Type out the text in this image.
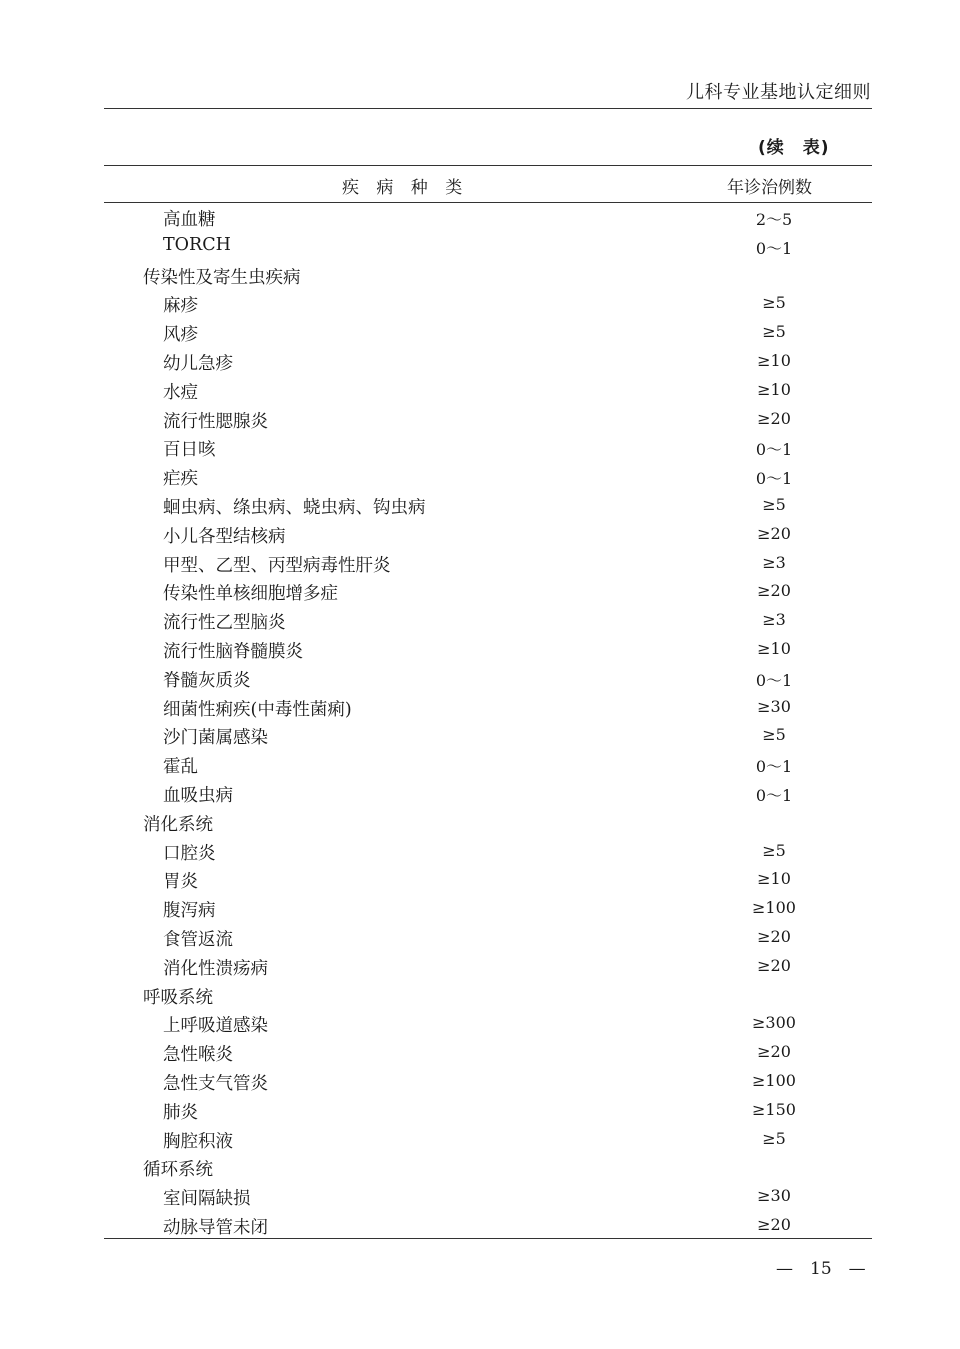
儿科专业基地认定细则
(续　表)
疾 病 种 类	年诊治例数
高血糖	2～5
TORCH	0～1
传染性及寄生虫疾病
麻疹	≥5
风疹	≥5
幼儿急疹	≥10
水痘	≥10
流行性腮腺炎	≥20
百日咳	0～1
疟疾	0～1
蛔虫病、绦虫病、蛲虫病、钩虫病	≥5
小儿各型结核病	≥20
甲型、乙型、丙型病毒性肝炎	≥3
传染性单核细胞增多症	≥20
流行性乙型脑炎	≥3
流行性脑脊髓膜炎	≥10
脊髓灰质炎	0～1
细菌性痢疾(中毒性菌痢)	≥30
沙门菌属感染	≥5
霍乱	0～1
血吸虫病	0～1
消化系统
口腔炎	≥5
胃炎	≥10
腹泻病	≥100
食管返流	≥20
消化性溃疡病	≥20
呼吸系统
上呼吸道感染	≥300
急性喉炎	≥20
急性支气管炎	≥100
肺炎	≥150
胸腔积液	≥5
循环系统
室间隔缺损	≥30
动脉导管未闭	≥20
—　15　—
